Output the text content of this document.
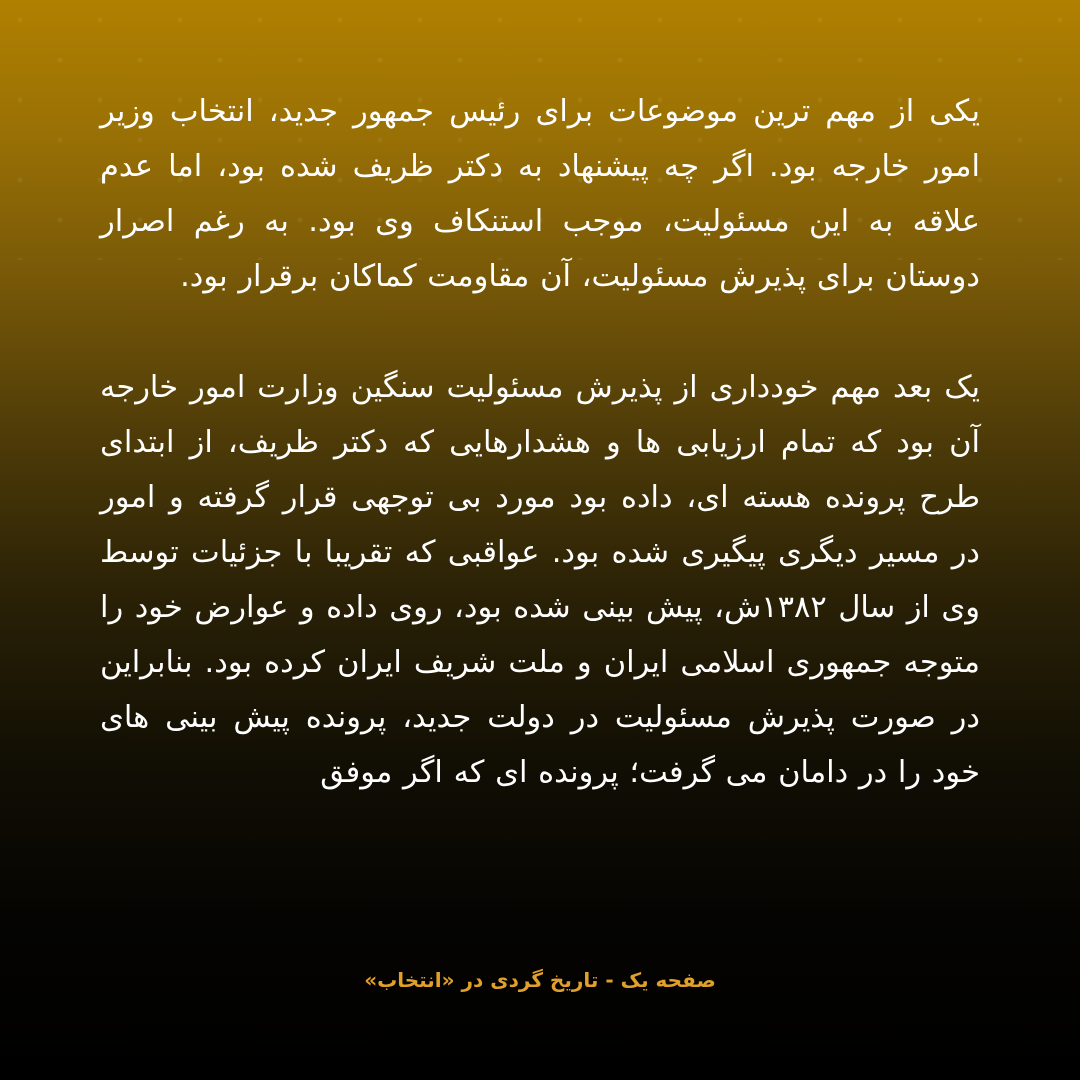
یکی از مهم ترین موضوعات برای رئیس جمهور جدید، انتخاب وزیر امور خارجه بود. اگر چه پیشنهاد به دکتر ظریف شده بود، اما عدم علاقه به این مسئولیت، موجب استنکاف وی بود. به رغم اصرار دوستان برای پذیرش مسئولیت، آن مقاومت کماکان برقرار بود.

یک بعد مهم خودداری از پذیرش مسئولیت سنگین وزارت امور خارجه آن بود که تمام ارزیابی ها و هشدارهایی که دکتر ظریف، از ابتدای طرح پرونده هسته ای، داده بود مورد بی توجهی قرار گرفته و امور در مسیر دیگری پیگیری شده بود. عواقبی که تقریبا با جزئیات توسط وی از سال ۱۳۸۲ش، پیش بینی شده بود، روی داده و عوارض خود را متوجه جمهوری اسلامی ایران و ملت شریف ایران کرده بود. بنابراین در صورت پذیرش مسئولیت در دولت جدید، پرونده پیش بینی های خود را در دامان می گرفت؛ پرونده ای که اگر موفق

صفحه یک - تاریخ گردی در «انتخاب»
